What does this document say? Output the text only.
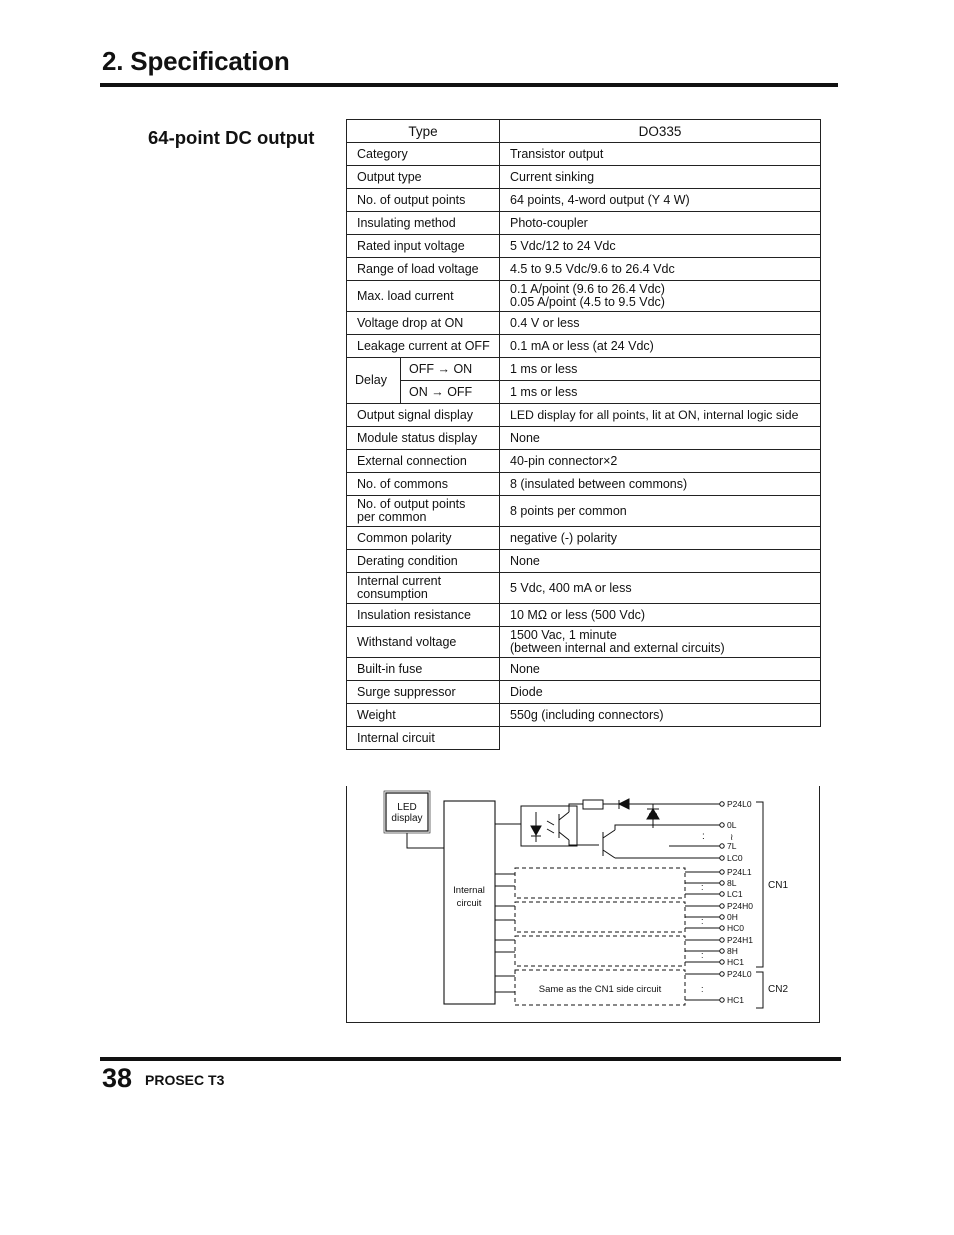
2. Specification
64-point DC output	Type		DO335
Category		Transistor output
Output type		Current sinking
No. of output points		64 points, 4-word output (Y 4 W)
Insulating method		Photo-coupler
Rated input voltage		5 Vdc/12 to 24 Vdc
Range of load voltage		4.5 to 9.5 Vdc/9.6 to 26.4 Vdc
Max. load current		0.1 A/point (9.6 to 26.4 Vdc)
0.05 A/point (4.5 to 9.5 Vdc)

Voltage drop at ON		0.4 V or less
Leakage current at OFF		0.1 mA or less (at 24 Vdc)
Delay	OFF → ON	1 ms or less
	ON → OFF	1 ms or less
Output signal display		LED display for all points, lit at ON, internal logic side
Module status display		None
External connection		40-pin connector×2
No. of commons		8 (insulated between commons)

No. of output points
per common		8 points per common
Common polarity		negative (-) polarity
Derating condition		None

Internal current
consumption		5 Vdc, 400 mA or less
Insulation resistance		10 MΩ or less (500 Vdc)
Withstand voltage		1500 Vac, 1 minute
(between internal and external circuits)

Built-in fuse		None
Surge suppressor		Diode
Weight		550g (including connectors)
Internal circuit		
LED
display
Internal
circuit
Same as the CN1 side circuit
CN1
CN2
:	≀
:
:
:
:
P24L0
0L
7L
LC0
P24L1
8L
LC1
P24H0
0H
HC0
P24H1
8H
HC1
P24L0
HC1
38 PROSEC T3
